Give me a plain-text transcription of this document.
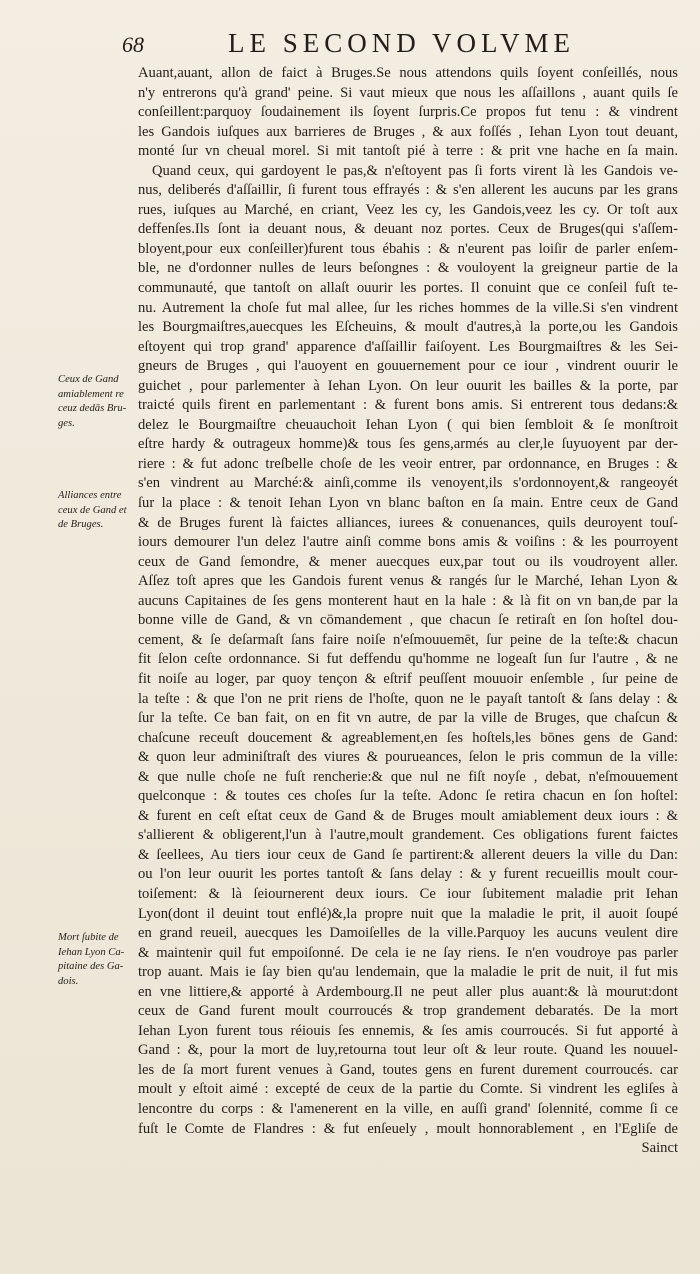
68	LE SECOND VOLVME
Auant,auant, allon de faict à Bruges.Se nous attendons quils ſoyent conſeillés, nous
n'y entrerons qu'à grand' peine. Si vaut mieux que nous les aſſaillons , auant quils ſe
conſeillent:parquoy ſoudainement ils ſoyent ſurpris.Ce propos fut tenu : & vindrent
les Gandois iuſques aux barrieres de Bruges , & aux foſſés , Iehan Lyon tout deuant,
monté ſur vn cheual morel. Si mit tantoſt pié à terre : & prit vne hache en ſa main.
Quand ceux, qui gardoyent le pas,& n'eſtoyent pas ſi forts virent là les Gandois ve-
nus, deliberés d'aſſaillir, ſi furent tous effrayés : & s'en allerent les aucuns par les grans
rues, iuſques au Marché, en criant, Veez les cy, les Gandois,veez les cy. Or toſt aux
deffenſes.Ils ſont ia deuant nous, & deuant noz portes. Ceux de Bruges(qui s'aſſem-
bloyent,pour eux conſeiller)furent tous ébahis : & n'eurent pas loiſir de parler enſem-
ble, ne d'ordonner nulles de leurs beſongnes : & vouloyent la greigneur partie de la
communauté, que tantoſt on allaſt ouurir les portes. Il conuint que ce conſeil fuſt te-
nu. Autrement la choſe fut mal allee, ſur les riches hommes de la ville.Si s'en vindrent
les Bourgmaiſtres,auecques les Eſcheuins, & moult d'autres,à la porte,ou les Gandois
eſtoyent qui trop grand' apparence d'aſſaillir faiſoyent. Les Bourgmaiſtres & les Sei-
gneurs de Bruges , qui l'auoyent en gouuernement pour ce iour , vindrent ouurir le
guichet , pour parlementer à Iehan Lyon. On leur ouurit les bailles & la porte, par
traicté quils firent en parlementant : & furent bons amis. Si entrerent tous dedans:&
delez le Bourgmaiſtre cheuauchoit Iehan Lyon ( qui bien ſembloit & ſe monſtroit
eſtre hardy & outrageux homme)& tous ſes gens,armés au cler,le ſuyuoyent par der-
riere : & fut adonc treſbelle choſe de les veoir entrer, par ordonnance, en Bruges : &
s'en vindrent au Marché:& ainſi,comme ils venoyent,ils s'ordonnoyent,& rangeoyét
ſur la place : & tenoit Iehan Lyon vn blanc baſton en ſa main. Entre ceux de Gand
& de Bruges furent là faictes alliances, iurees & conuenances, quils deuroyent touſ-
iours demourer l'un delez l'autre ainſi comme bons amis & voiſins : & les pourroyent
ceux de Gand ſemondre, & mener auecques eux,par tout ou ils voudroyent aller.
Aſſez toſt apres que les Gandois furent venus & rangés ſur le Marché, Iehan Lyon &
aucuns Capitaines de ſes gens monterent haut en la hale : & là fit on vn ban,de par la
bonne ville de Gand, & vn cōmandement , que chacun ſe retiraſt en ſon hoſtel dou-
cement, & ſe deſarmaſt ſans faire noiſe n'eſmouuemēt, ſur peine de la teſte:& chacun
fit ſelon ceſte ordonnance. Si fut deffendu qu'homme ne logeaſt ſun ſur l'autre , & ne
fit noiſe au loger, par quoy tençon & eſtrif peuſſent mouuoir enſemble , ſur peine de
la teſte : & que l'on ne prit riens de l'hoſte, quon ne le payaſt tantoſt & ſans delay : &
ſur la teſte. Ce ban fait, on en fit vn autre, de par la ville de Bruges, que chaſcun &
chaſcune receuſt doucement & agreablement,en ſes hoſtels,les bōnes gens de Gand:
& quon leur adminiſtraſt des viures & pourueances, ſelon le pris commun de la ville:
& que nulle choſe ne fuſt rencherie:& que nul ne fiſt noyſe , debat, n'eſmouuement
quelconque : & toutes ces choſes ſur la teſte. Adonc ſe retira chacun en ſon hoſtel:
& furent en ceſt eſtat ceux de Gand & de Bruges moult amiablement deux iours : &
s'allierent & obligerent,l'un à l'autre,moult grandement. Ces obligations furent faictes
& ſeellees, Au tiers iour ceux de Gand ſe partirent:& allerent deuers la ville du Dan:
ou l'on leur ouurit les portes tantoſt & ſans delay : & y furent recueillis moult cour-
toiſement: & là ſeiournerent deux iours. Ce iour ſubitement maladie prit Iehan
Lyon(dont il deuint tout enflé)&,la propre nuit que la maladie le prit, il auoit ſoupé
en grand reueil, auecques les Damoiſelles de la ville.Parquoy les aucuns veulent dire
& maintenir quil fut empoiſonné. De cela ie ne ſay riens. Ie n'en voudroye pas parler
trop auant. Mais ie ſay bien qu'au lendemain, que la maladie le prit de nuit, il fut mis
en vne littiere,& apporté à Ardembourg.Il ne peut aller plus auant:& là mourut:dont
ceux de Gand furent moult courroucés & trop grandement debaratés. De la mort
Iehan Lyon furent tous réiouis ſes ennemis, & ſes amis courroucés. Si fut apporté à
Gand : &, pour la mort de luy,retourna tout leur oſt & leur route. Quand les nouuel-
les de ſa mort furent venues à Gand, toutes gens en furent durement courroucés. car
moult y eſtoit aimé : excepté de ceux de la partie du Comte. Si vindrent les egliſes à
lencontre du corps : & l'amenerent en la ville, en auſſi grand' ſolennité, comme ſi ce
fuſt le Comte de Flandres : & fut enſeuely , moult honnorablement , en l'Egliſe de
Sainct
Ceux de Gand
amiablement re
ceuz dedās Bru-
ges.
Alliances entre
ceux de Gand et
de Bruges.
Mort ſubite de
Iehan Lyon Ca-
pitaine des Ga-
dois.
